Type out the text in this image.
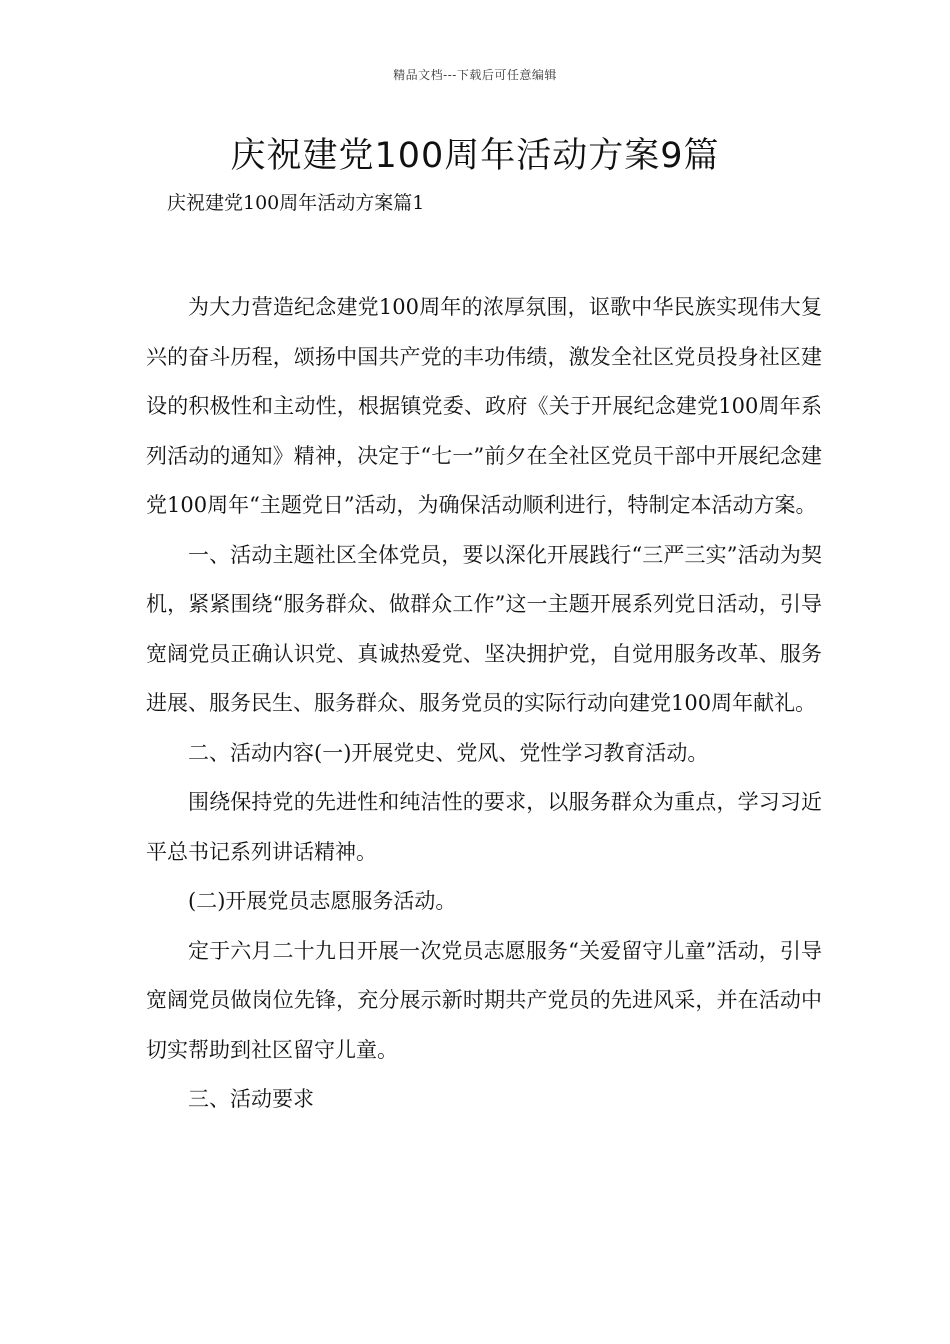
精品文档---下载后可任意编辑
庆祝建党100周年活动方案9篇
庆祝建党100周年活动方案篇1

为大力营造纪念建党100周年的浓厚氛围，讴歌中华民族实现伟大复兴的奋斗历程，颂扬中国共产党的丰功伟绩，激发全社区党员投身社区建设的积极性和主动性，根据镇党委、政府《关于开展纪念建党100周年系列活动的通知》精神，决定于“七一”前夕在全社区党员干部中开展纪念建党100周年“主题党日”活动，为确保活动顺利进行，特制定本活动方案。

一、活动主题社区全体党员，要以深化开展践行“三严三实”活动为契机，紧紧围绕“服务群众、做群众工作”这一主题开展系列党日活动，引导宽阔党员正确认识党、真诚热爱党、坚决拥护党，自觉用服务改革、服务进展、服务民生、服务群众、服务党员的实际行动向建党100周年献礼。

二、活动内容(一)开展党史、党风、党性学习教育活动。

围绕保持党的先进性和纯洁性的要求，以服务群众为重点，学习习近平总书记系列讲话精神。

(二)开展党员志愿服务活动。

定于六月二十九日开展一次党员志愿服务“关爱留守儿童”活动，引导宽阔党员做岗位先锋，充分展示新时期共产党员的先进风采，并在活动中切实帮助到社区留守儿童。

三、活动要求
